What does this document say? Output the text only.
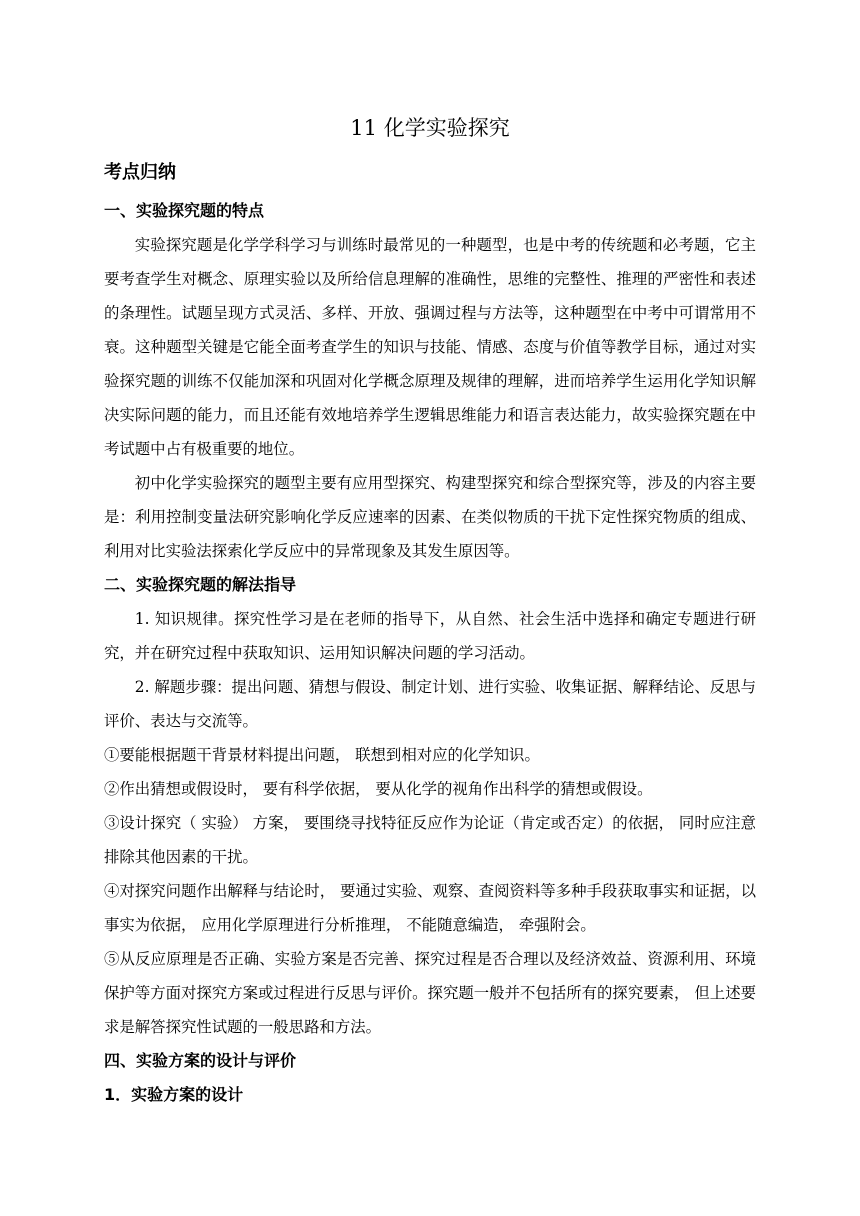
11 化学实验探究
考点归纳
一、实验探究题的特点

实验探究题是化学学科学习与训练时最常见的一种题型，也是中考的传统题和必考题，它主要考查学生对概念、原理实验以及所给信息理解的准确性，思维的完整性、推理的严密性和表述的条理性。试题呈现方式灵活、多样、开放、强调过程与方法等，这种题型在中考中可谓常用不衰。这种题型关键是它能全面考查学生的知识与技能、情感、态度与价值等教学目标，通过对实验探究题的训练不仅能加深和巩固对化学概念原理及规律的理解，进而培养学生运用化学知识解决实际问题的能力，而且还能有效地培养学生逻辑思维能力和语言表达能力，故实验探究题在中考试题中占有极重要的地位。

初中化学实验探究的题型主要有应用型探究、构建型探究和综合型探究等，涉及的内容主要是：利用控制变量法研究影响化学反应速率的因素、在类似物质的干扰下定性探究物质的组成、利用对比实验法探索化学反应中的异常现象及其发生原因等。

二、实验探究题的解法指导

1. 知识规律。探究性学习是在老师的指导下，从自然、社会生活中选择和确定专题进行研究，并在研究过程中获取知识、运用知识解决问题的学习活动。

2. 解题步骤：提出问题、猜想与假设、制定计划、进行实验、收集证据、解释结论、反思与评价、表达与交流等。

①要能根据题干背景材料提出问题， 联想到相对应的化学知识。

②作出猜想或假设时， 要有科学依据， 要从化学的视角作出科学的猜想或假设。

③设计探究（ 实验） 方案， 要围绕寻找特征反应作为论证（肯定或否定）的依据， 同时应注意排除其他因素的干扰。

④对探究问题作出解释与结论时， 要通过实验、观察、查阅资料等多种手段获取事实和证据，以事实为依据， 应用化学原理进行分析推理， 不能随意编造， 牵强附会。

⑤从反应原理是否正确、实验方案是否完善、探究过程是否合理以及经济效益、资源利用、环境保护等方面对探究方案或过程进行反思与评价。探究题一般并不包括所有的探究要素， 但上述要求是解答探究性试题的一般思路和方法。

四、实验方案的设计与评价
1．实验方案的设计
